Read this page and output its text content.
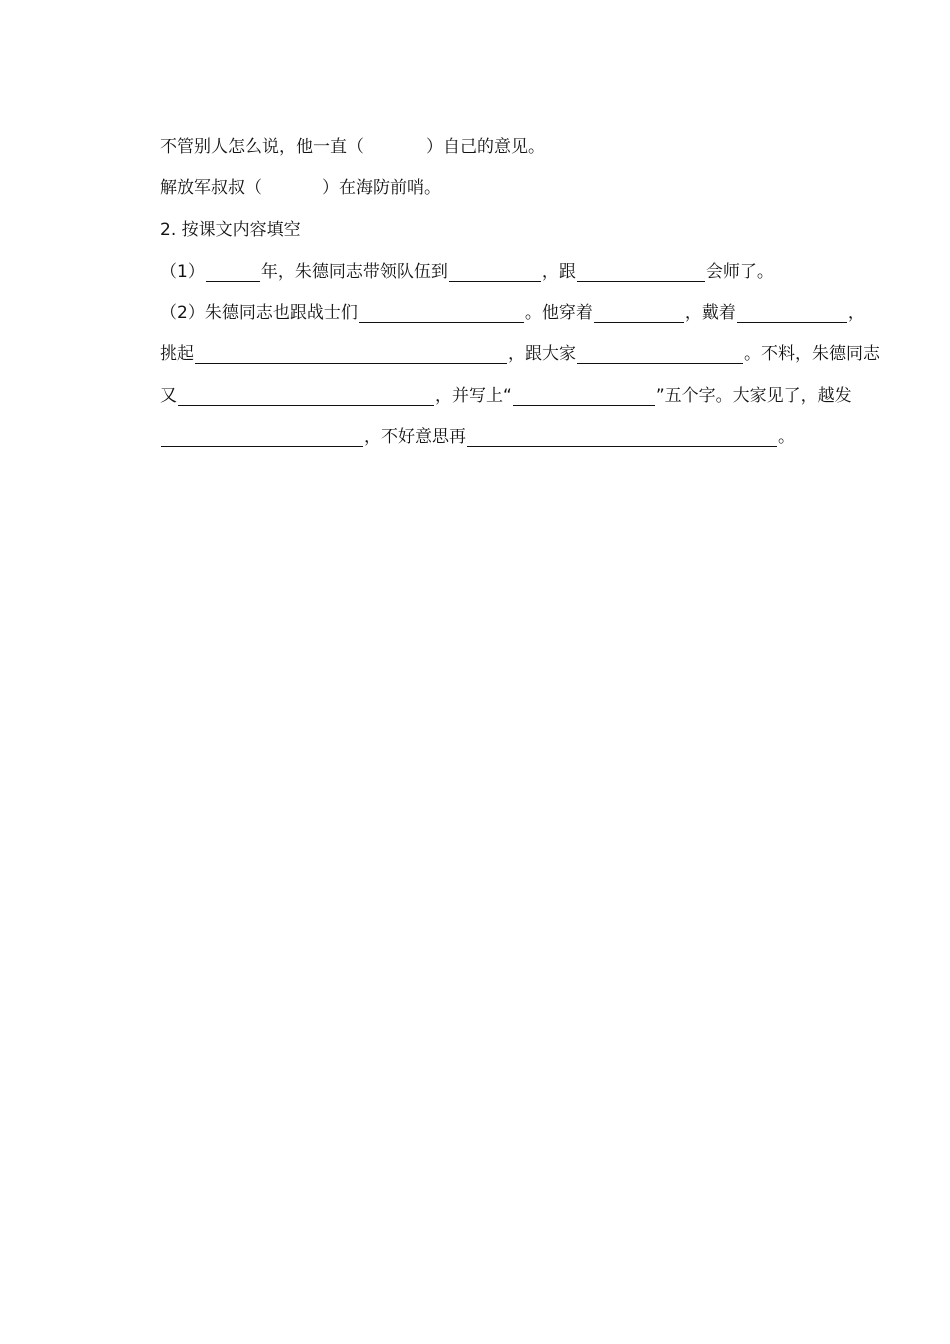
不管别人怎么说，他一直（	）自己的意见。
解放军叔叔（	）在海防前哨。
2. 按课文内容填空
（1）	年，朱德同志带领队伍到	，跟	会师了。
（2） 朱德同志也跟战士们	。他穿着	，戴着	，
挑起	，跟大家	。不料，朱德同志
又	，并写上“	”五个字。大家见了，越发
，不好意思再	。
